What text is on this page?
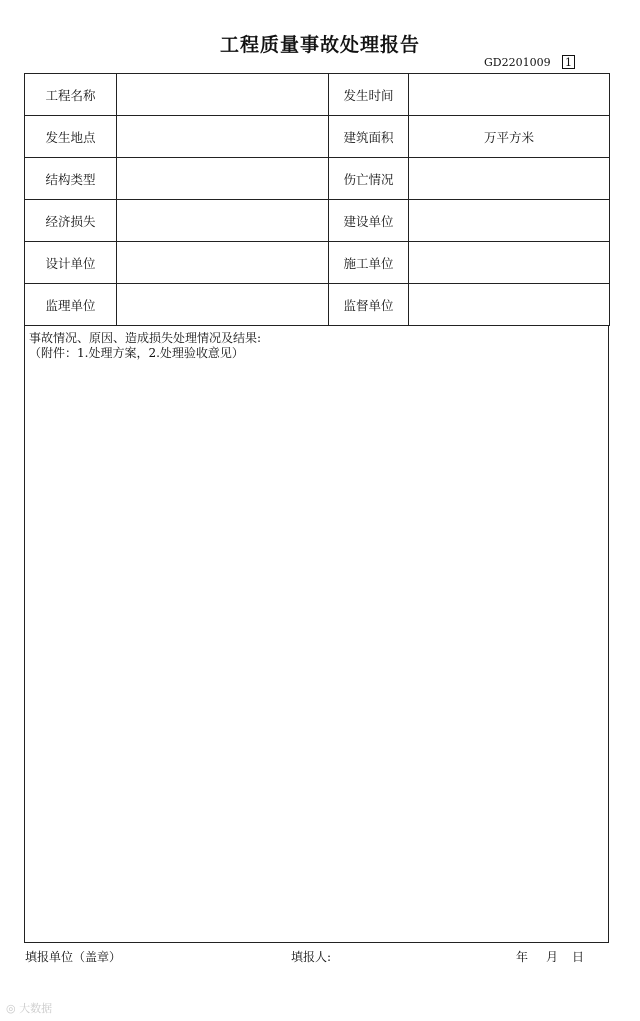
工程质量事故处理报告
GD2201009 1
工程名称		发生时间	
发生地点		建筑面积	万平方米
结构类型		伤亡情况	
经济损失		建设单位	
设计单位		施工单位	
监理单位		监督单位	
事故情况、原因、造成损失处理情况及结果:
（附件：1.处理方案，2.处理验收意见）
填报单位（盖章）	填报人:	年 月 日
◎ 大数据
